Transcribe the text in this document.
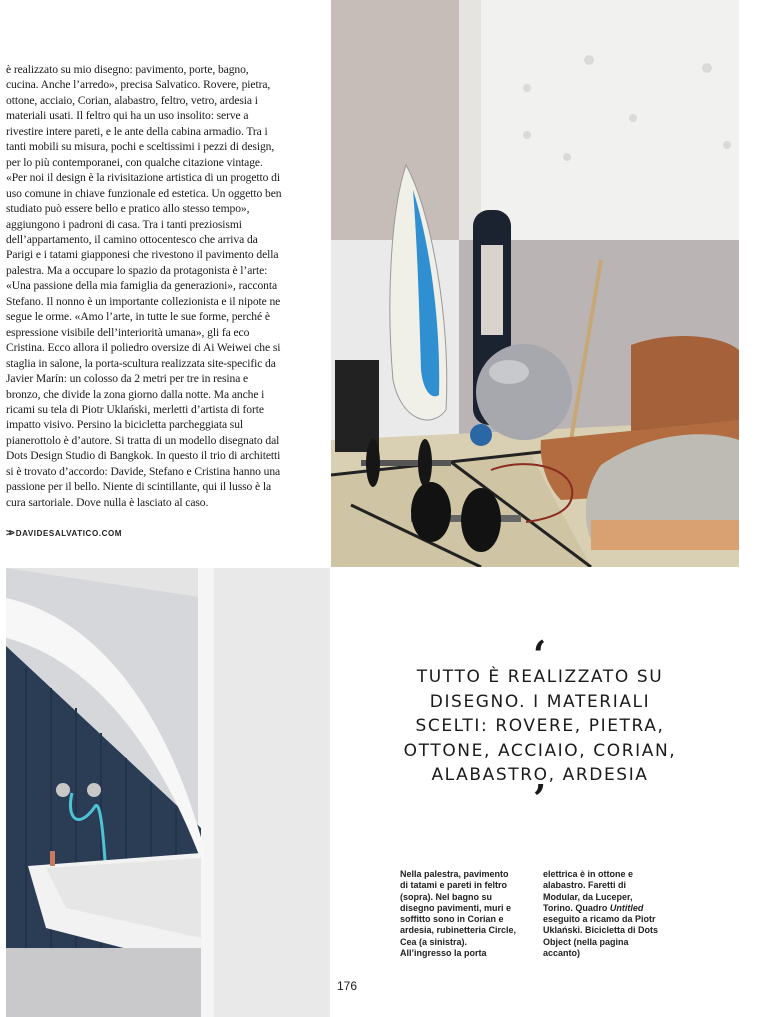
è realizzato su mio disegno: pavimento, porte, bagno, cucina. Anche l’arredo», precisa Salvatico. Rovere, pietra, ottone, acciaio, Corian, alabastro, feltro, vetro, ardesia i materiali usati. Il feltro qui ha un uso insolito: serve a rivestire intere pareti, e le ante della cabina armadio. Tra i tanti mobili su misura, pochi e sceltissimi i pezzi di design, per lo più contemporanei, con qualche citazione vintage. «Per noi il design è la rivisitazione artistica di un progetto di uso comune in chiave funzionale ed estetica. Un oggetto ben studiato può essere bello e pratico allo stesso tempo», aggiungono i padroni di casa. Tra i tanti preziosismi dell’appartamento, il camino ottocentesco che arriva da Parigi e i tatami giapponesi che rivestono il pavimento della palestra. Ma a occupare lo spazio da protagonista è l’arte: «Una passione della mia famiglia da generazioni», racconta Stefano. Il nonno è un importante collezionista e il nipote ne segue le orme. «Amo l’arte, in tutte le sue forme, perché è espressione visibile dell’interiorità umana», gli fa eco Cristina. Ecco allora il poliedro oversize di Ai Weiwei che si staglia in salone, la porta-scultura realizzata site-specific da Javier Marín: un colosso da 2 metri per tre in resina e bronzo, che divide la zona giorno dalla notte. Ma anche i ricami su tela di Piotr Uklański, merletti d’artista di forte impatto visivo. Persino la bicicletta parcheggiata sul pianerottolo è d’autore. Si tratta di un modello disegnato dal Dots Design Studio di Bangkok. In questo il trio di architetti si è trovato d’accordo: Davide, Stefano e Cristina hanno una passione per il bello. Niente di scintillante, qui il lusso è la cura sartoriale. Dove nulla è lasciato al caso.

>> DAVIDESALVATICO.COM
‘
TUTTO È REALIZZATO SU DISEGNO. I MATERIALI SCELTI: ROVERE, PIETRA, OTTONE, ACCIAIO, CORIAN, ALABASTRO, ARDESIA
’
Nella palestra, pavimento di tatami e pareti in feltro (sopra). Nel bagno su disegno pavimenti, muri e soffitto sono in Corian e ardesia, rubinetteria Circle, Cea (a sinistra). All’ingresso la porta
elettrica è in ottone e alabastro. Faretti di Modular, da Luceper, Torino. Quadro Untitled eseguito a ricamo da Piotr Uklański. Bicicletta di Dots Object (nella pagina accanto)
176
